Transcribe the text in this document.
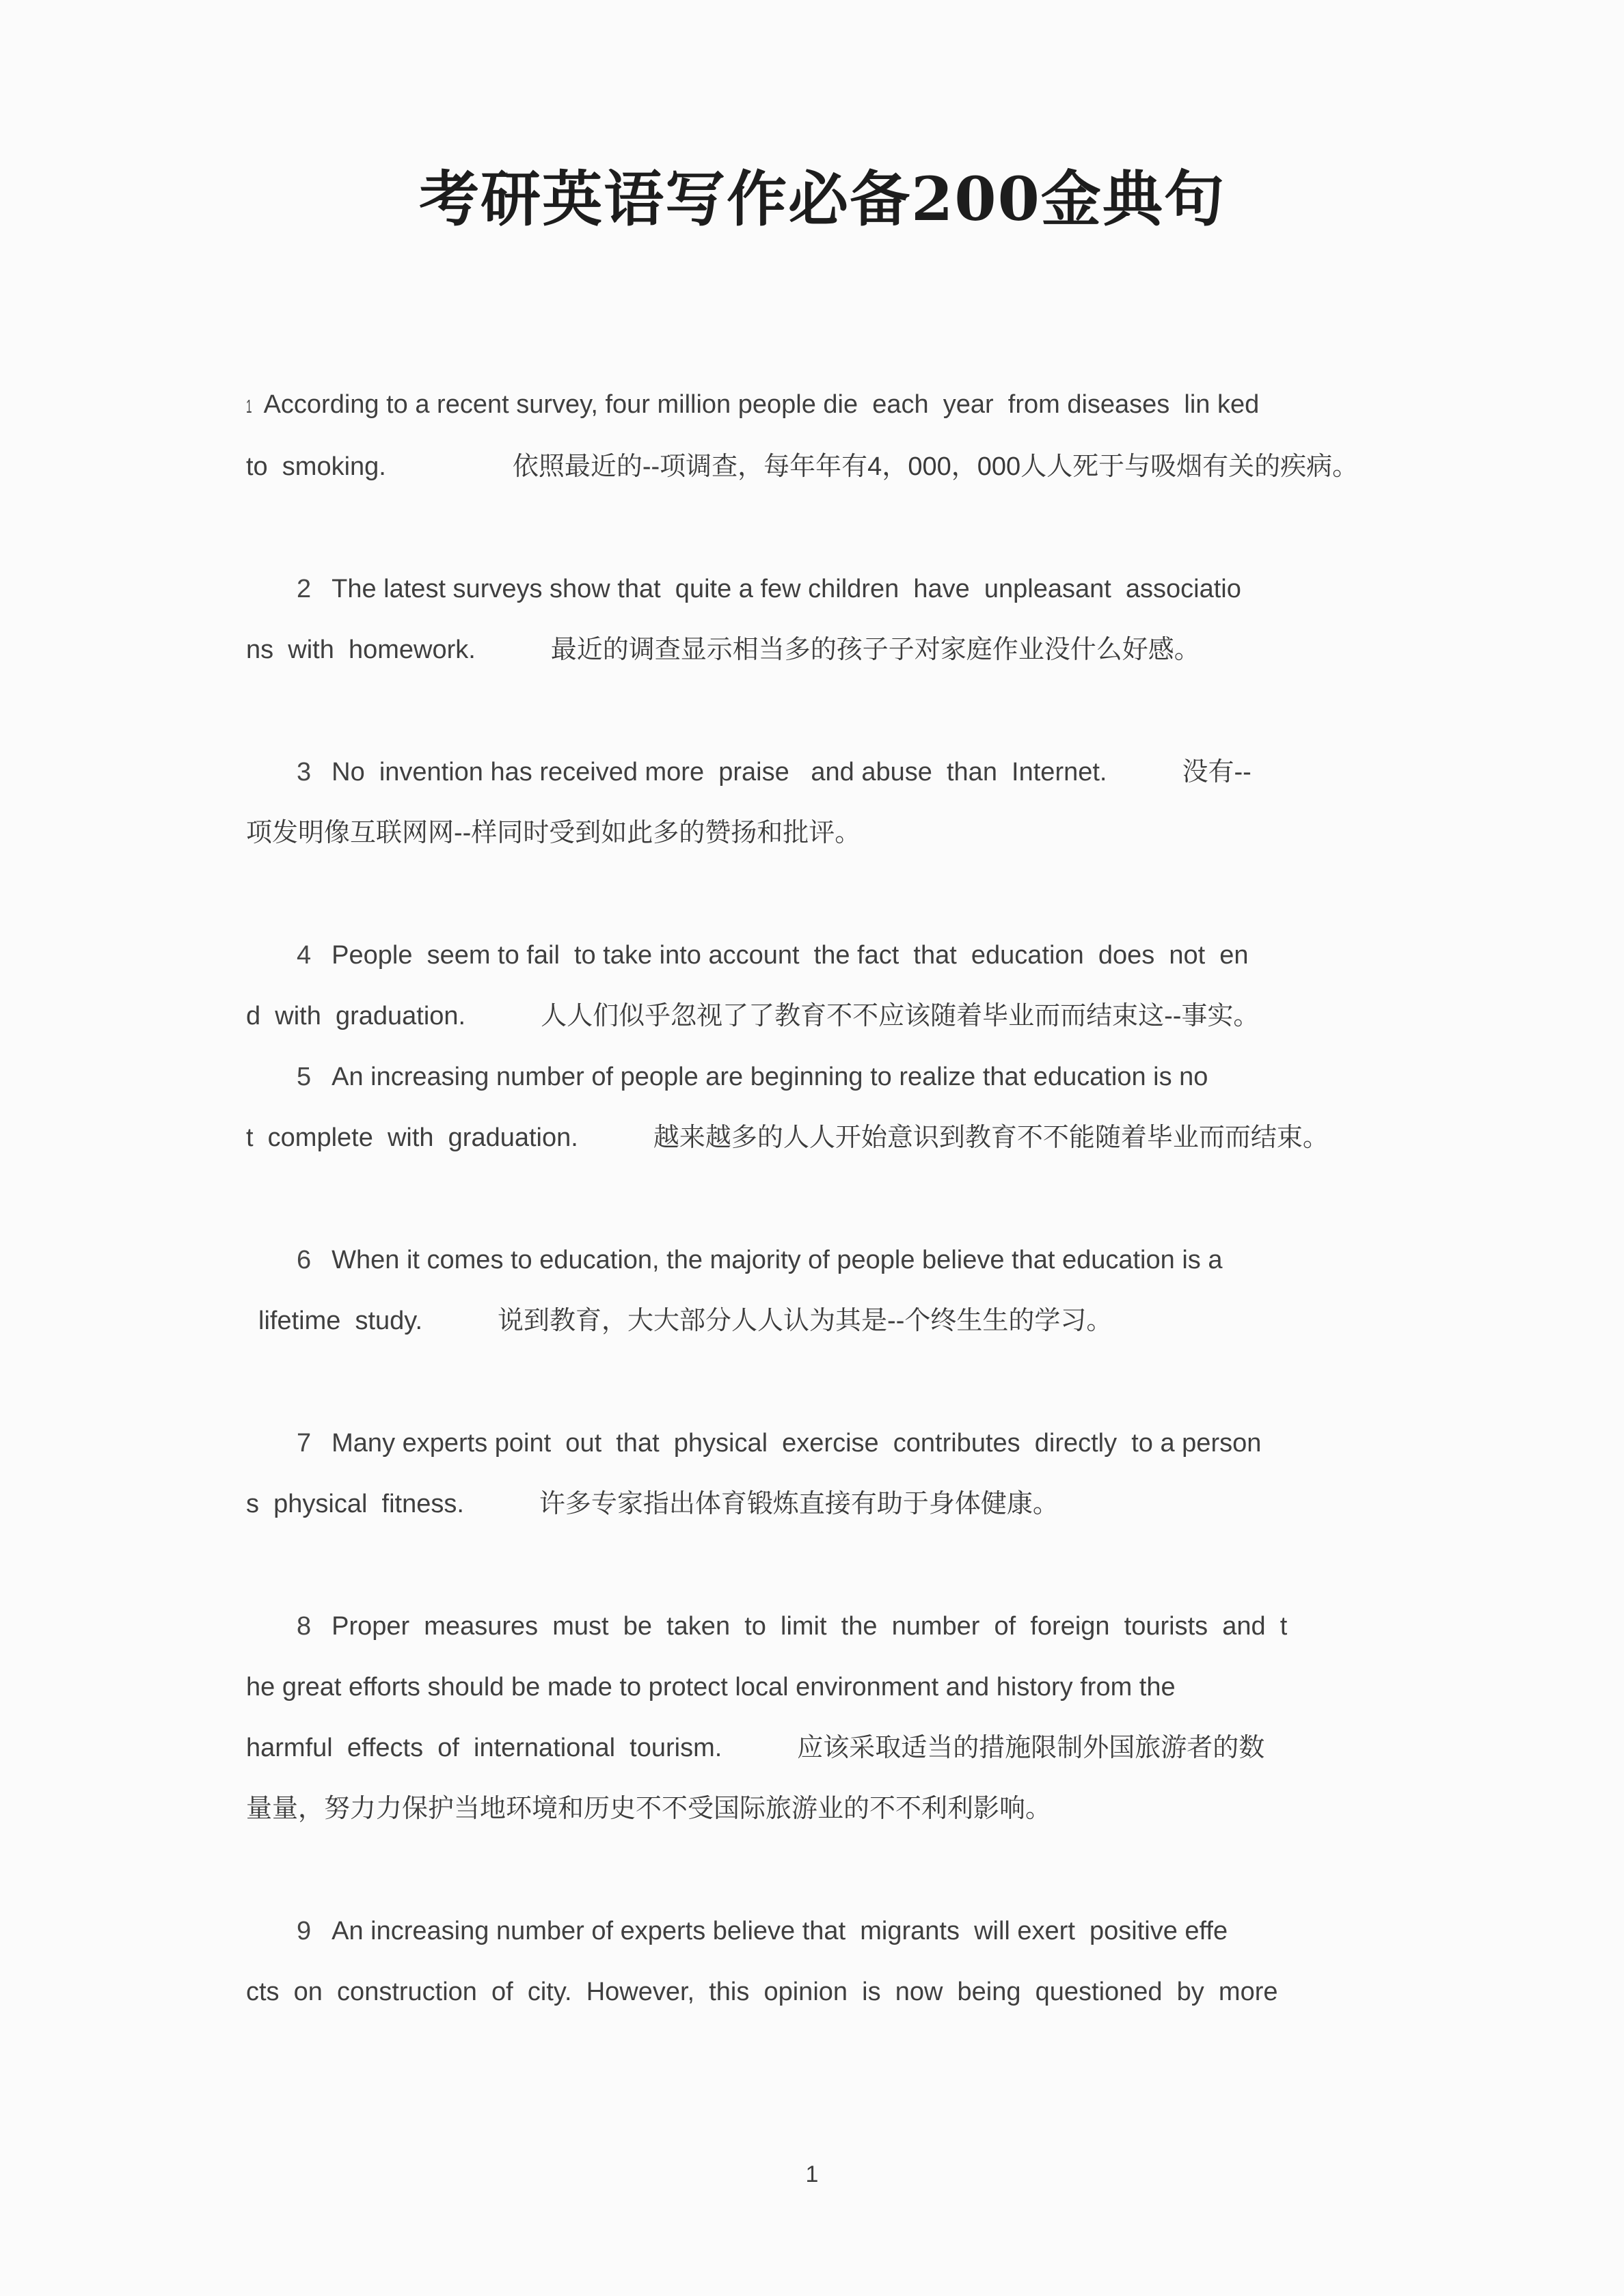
考研英语写作必备200金典句

1 According to a recent survey, four million people die  each  year  from diseases  lin ked to  smoking.	依照最近的--项调查，每年年有4，000，000人人死于与吸烟有关的疾病。

2 The latest surveys show that  quite a few children  have  unpleasant  associatio ns  with  homework.	最近的调查显示相当多的孩子子对家庭作业没什么好感。

3 No  invention has received more  praise   and abuse  than  Internet.	没有-- 项发明像互联网网--样同时受到如此多的赞扬和批评。

4 People  seem to fail  to take into account  the fact  that  education  does  not  en d  with  graduation.	人人们似乎忽视了了教育不不应该随着毕业而而结束这--事实。

5 An increasing number of people are beginning to realize that education is no t  complete  with  graduation.	越来越多的人人开始意识到教育不不能随着毕业而而结束。

6 When it comes to education, the majority of people believe that education is a lifetime  study.	说到教育，大大部分人人认为其是--个终生生的学习。

7 Many experts point  out  that  physical  exercise  contributes  directly  to a person s  physical  fitness.	许多专家指出体育锻炼直接有助于身体健康。

8 Proper  measures  must  be  taken  to  limit  the  number  of  foreign  tourists  and  t he great efforts should be made to protect local environment and history from the harmful  effects  of  international  tourism.	应该采取适当的措施限制外国旅游者的数 量量，努力力保护当地环境和历史不不受国际旅游业的不不利利影响。

9 An increasing number of experts believe that  migrants  will exert  positive effe cts  on  construction  of  city.  However,  this  opinion  is  now  being  questioned  by  more

1
